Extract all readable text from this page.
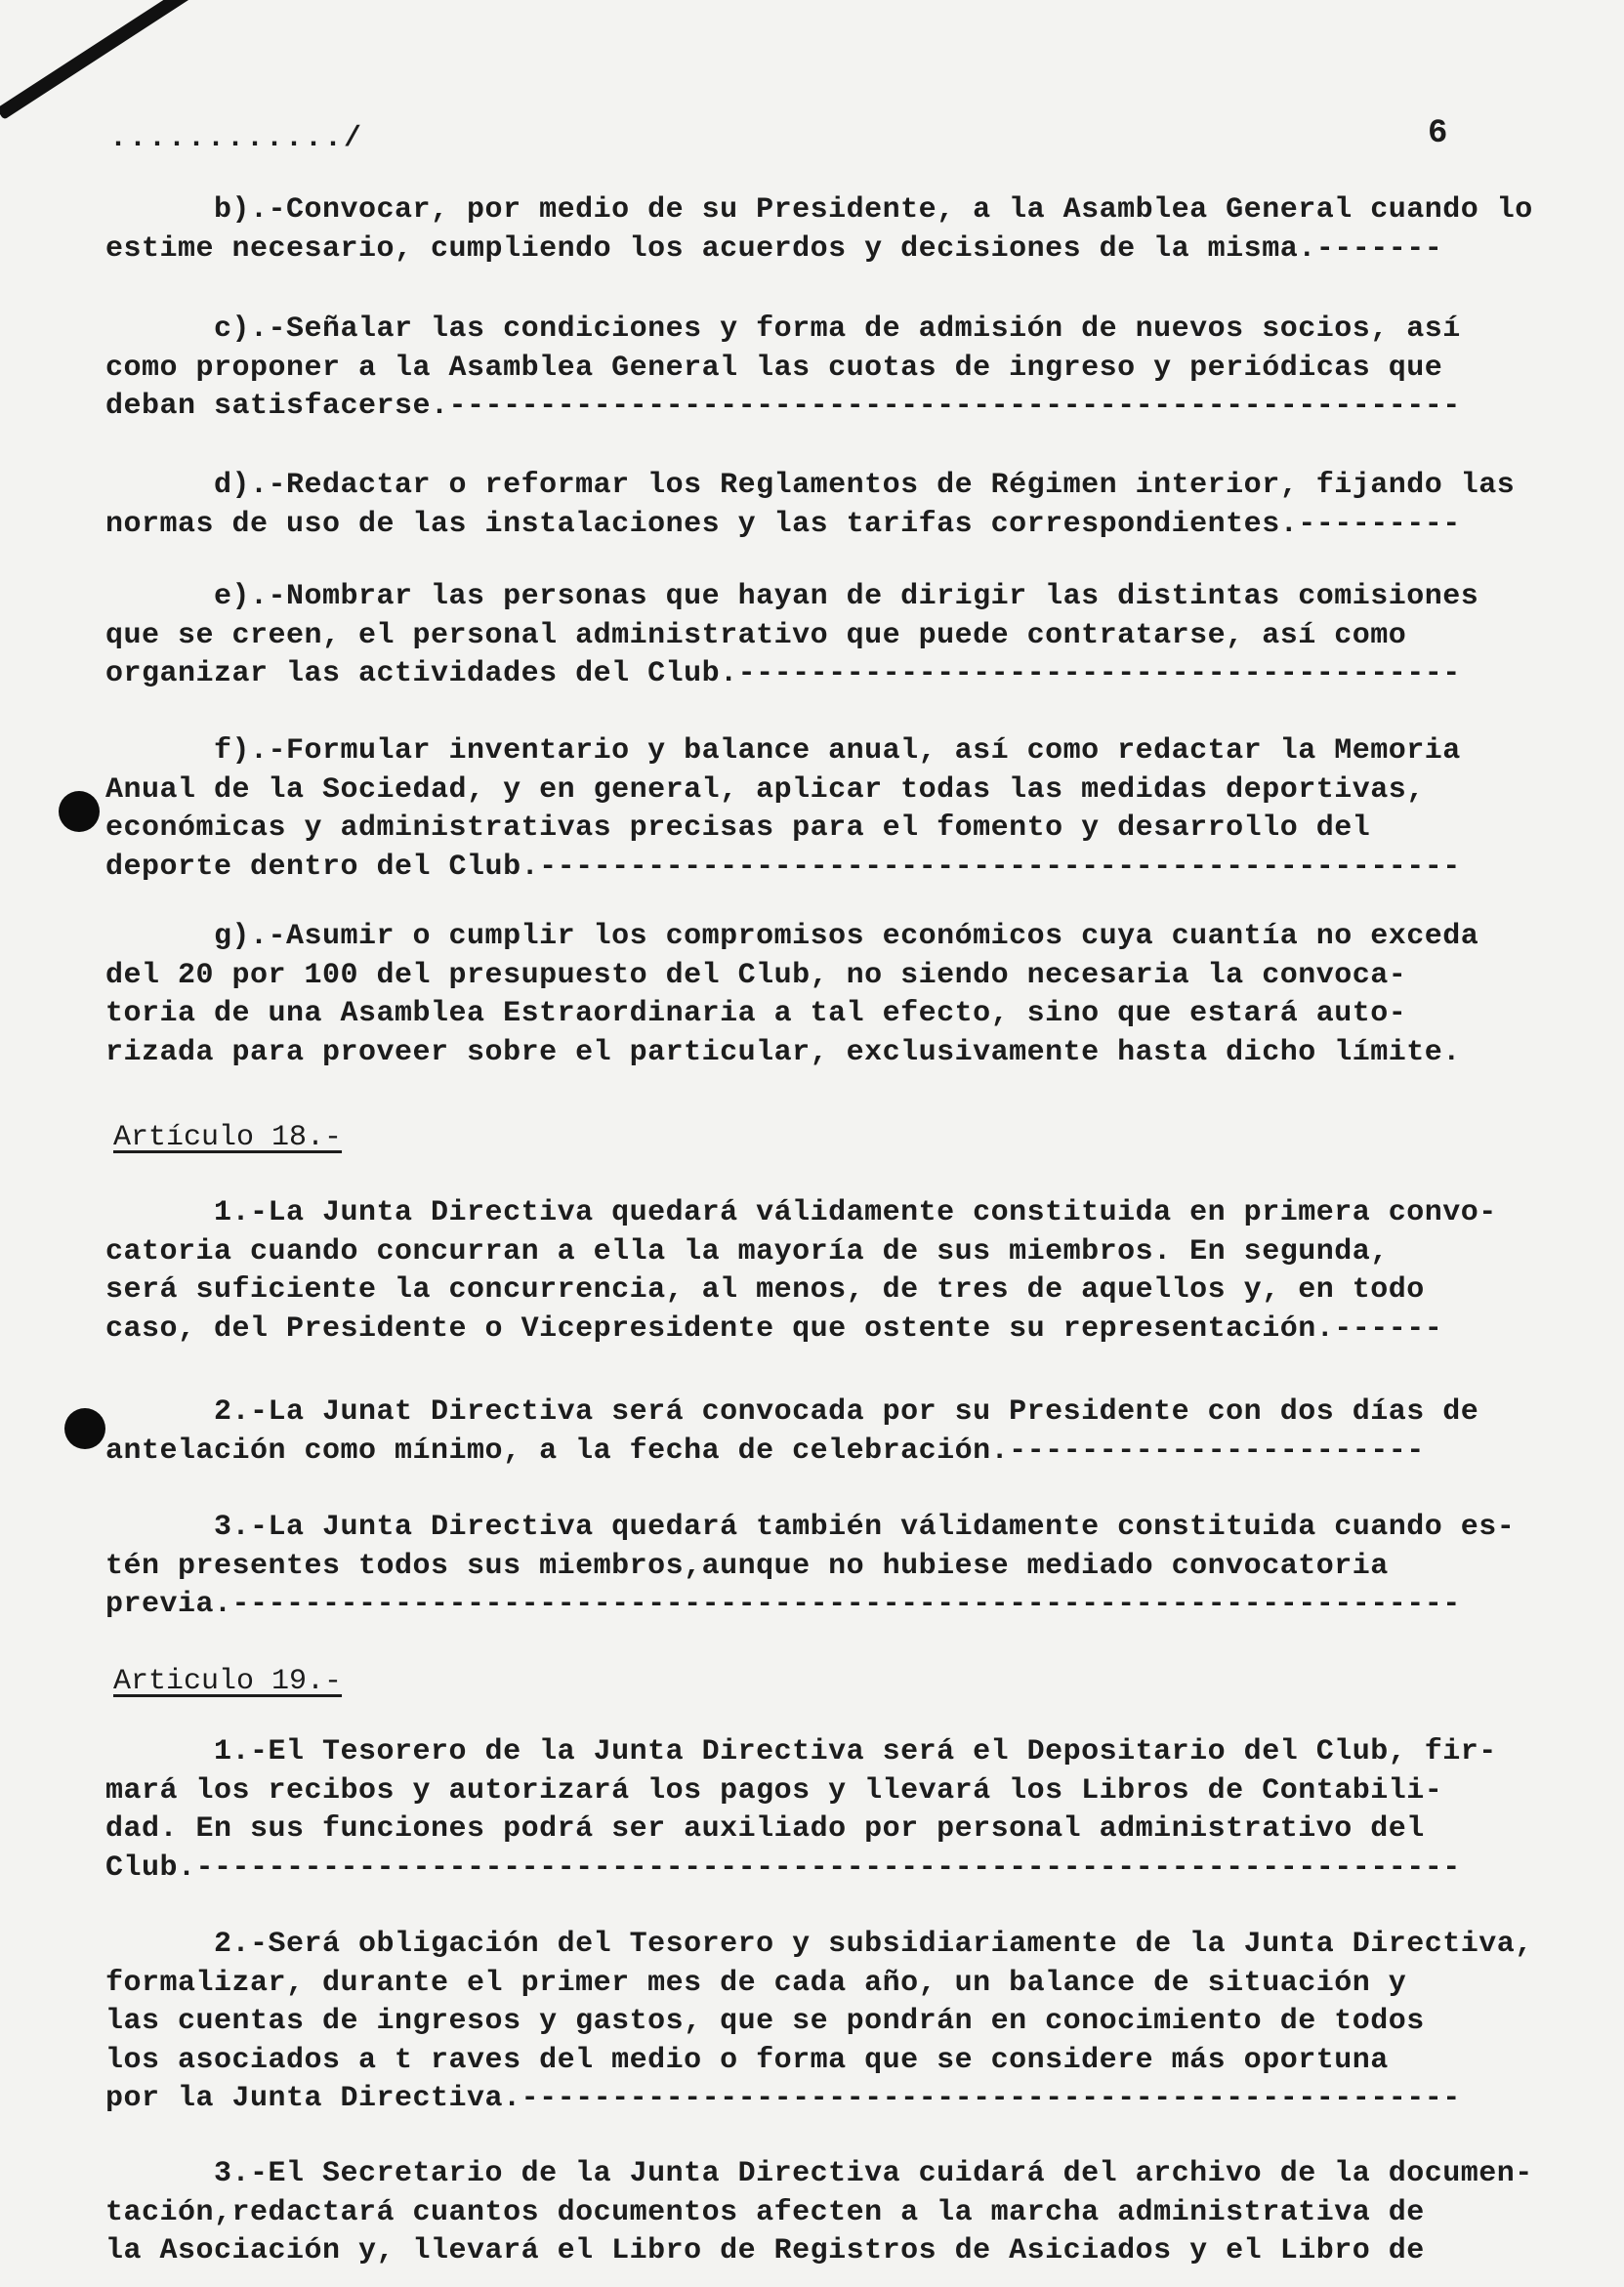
............/	6
b).-Convocar, por medio de su Presidente, a la Asamblea General cuando lo
estime necesario, cumpliendo los acuerdos y decisiones de la misma.-------
c).-Señalar las condiciones y forma de admisión de nuevos socios, así
como proponer a la Asamblea General las cuotas de ingreso y periódicas que
deban satisfacerse.--------------------------------------------------------
d).-Redactar o reformar los Reglamentos de Régimen interior, fijando las
normas de uso de las instalaciones y las tarifas correspondientes.---------
e).-Nombrar las personas que hayan de dirigir las distintas comisiones
que se creen, el personal administrativo que puede contratarse, así como
organizar las actividades del Club.----------------------------------------
f).-Formular inventario y balance anual, así como redactar la Memoria
Anual de la Sociedad, y en general, aplicar todas las medidas deportivas,
económicas y administrativas precisas para el fomento y desarrollo del
deporte dentro del Club.---------------------------------------------------
g).-Asumir o cumplir los compromisos económicos cuya cuantía no exceda
del 20 por 100 del presupuesto del Club, no siendo necesaria la convoca-
toria de una Asamblea Estraordinaria a tal efecto, sino que estará auto-
rizada para proveer sobre el particular, exclusivamente hasta dicho límite.
Artículo 18.-
1.-La Junta Directiva quedará válidamente constituida en primera convo-
catoria cuando concurran a ella la mayoría de sus miembros. En segunda,
será suficiente la concurrencia, al menos, de tres de aquellos y, en todo
caso, del Presidente o Vicepresidente que ostente su representación.------
2.-La Junat Directiva será convocada por su Presidente con dos días de
antelación como mínimo, a la fecha de celebración.-----------------------
3.-La Junta Directiva quedará también válidamente constituida cuando es-
tén presentes todos sus miembros,aunque no hubiese mediado convocatoria
previa.--------------------------------------------------------------------
Articulo 19.-
1.-El Tesorero de la Junta Directiva será el Depositario del Club, fir-
mará los recibos y autorizará los pagos y llevará los Libros de Contabili-
dad. En sus funciones podrá ser auxiliado por personal administrativo del
Club.----------------------------------------------------------------------
2.-Será obligación del Tesorero y subsidiariamente de la Junta Directiva,
formalizar, durante el primer mes de cada año, un balance de situación y
las cuentas de ingresos y gastos, que se pondrán en conocimiento de todos
los asociados a t raves del medio o forma que se considere más oportuna
por la Junta Directiva.----------------------------------------------------
3.-El Secretario de la Junta Directiva cuidará del archivo de la documen-
tación,redactará cuantos documentos afecten a la marcha administrativa de
la Asociación y, llevará el Libro de Registros de Asiciados y el Libro de
